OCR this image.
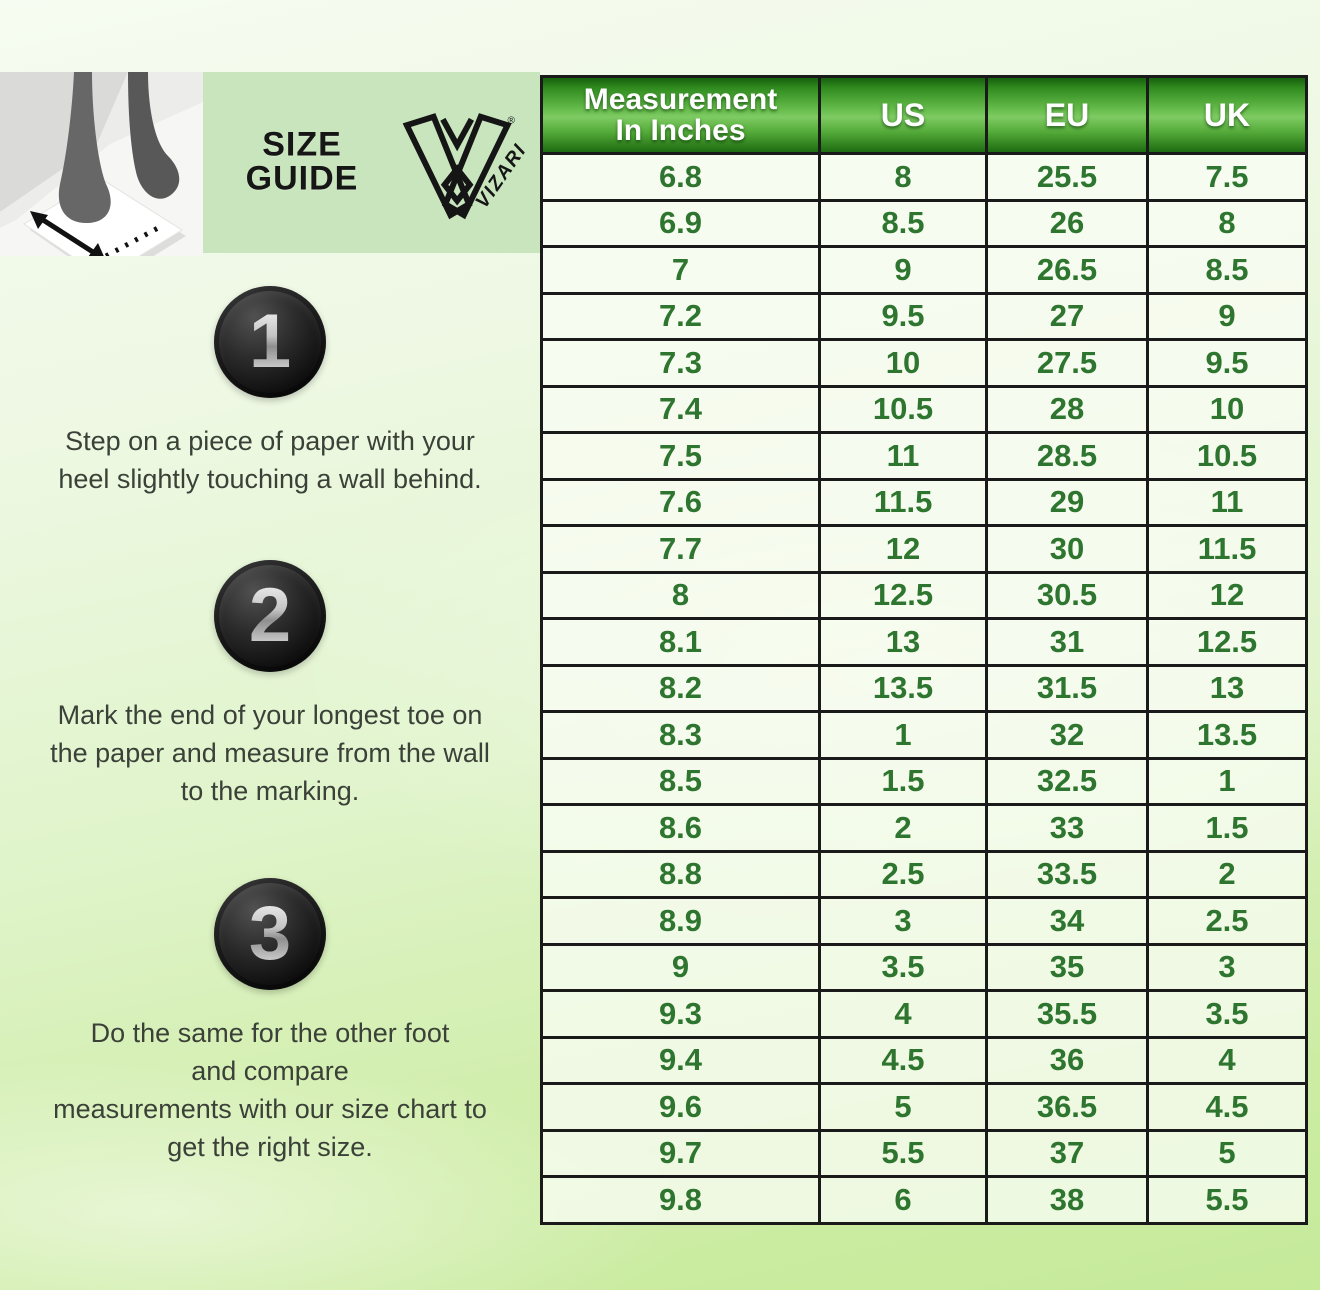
SIZE
GUIDE	VIZARI
®
1
Step on a piece of paper with your
heel slightly touching a wall behind.
2
Mark the end of your longest toe on
the paper and measure from the wall
to the marking.
3
Do the same for the other foot
and compare
measurements with our size chart to
get the right size.
Measurement
In Inches	US	EU	UK
6.8	8	25.5	7.5
6.9	8.5	26	8
7	9	26.5	8.5
7.2	9.5	27	9
7.3	10	27.5	9.5
7.4	10.5	28	10
7.5	11	28.5	10.5
7.6	11.5	29	11
7.7	12	30	11.5
8	12.5	30.5	12
8.1	13	31	12.5
8.2	13.5	31.5	13
8.3	1	32	13.5
8.5	1.5	32.5	1
8.6	2	33	1.5
8.8	2.5	33.5	2
8.9	3	34	2.5
9	3.5	35	3
9.3	4	35.5	3.5
9.4	4.5	36	4
9.6	5	36.5	4.5
9.7	5.5	37	5
9.8	6	38	5.5
